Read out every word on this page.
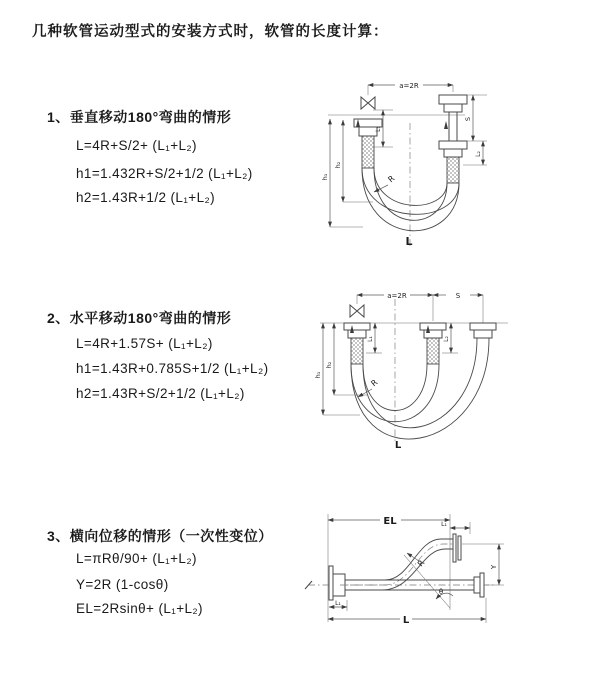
几种软管运动型式的安装方式时，软管的长度计算：
1、垂直移动180°弯曲的情形
L=4R+S/2+ (L₁+L₂)
h1=1.432R+S/2+1/2 (L₁+L₂)
h2=1.43R+1/2 (L₁+L₂)
2、水平移动180°弯曲的情形
L=4R+1.57S+ (L₁+L₂)
h1=1.43R+0.785S+1/2 (L₁+L₂)
h2=1.43R+S/2+1/2 (L₁+L₂)
3、横向位移的情形（一次性变位）
L=πRθ/90+ (L₁+L₂)
Y=2R (1-cosθ)
EL=2Rsinθ+ (L₁+L₂)
a=2R
L₁
h₁
h₂
S
L₂
R
L
a=2R	S
L₁	L₂
h₁
h₂
R
L
EL	L₁
L₁
L
Y
R
θ
